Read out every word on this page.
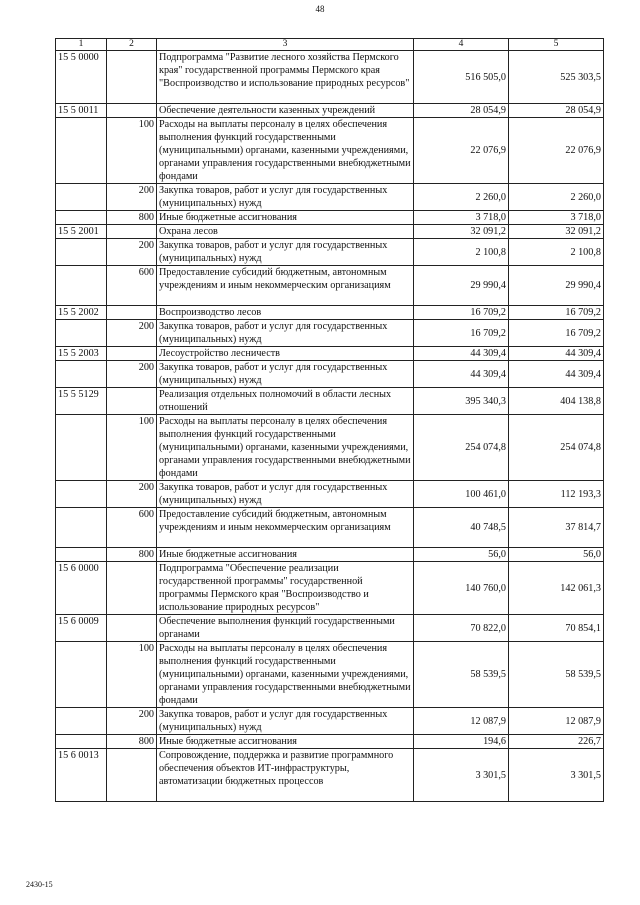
48
1	2	3	4	5
15 5 0000		Подпрограмма "Развитие лесного хозяйства Пермского края" государственной программы Пермского края "Воспроизводство и использование природных ресурсов"	516 505,0	525 303,5
15 5 0011		Обеспечение деятельности казенных учреждений	28 054,9	28 054,9
	100	Расходы на выплаты персоналу в целях обеспечения выполнения функций государственными (муниципальными) органами, казенными учреждениями, органами управления государственными внебюджетными фондами	22 076,9	22 076,9
	200	Закупка товаров, работ и услуг для государственных (муниципальных) нужд	2 260,0	2 260,0
	800	Иные бюджетные ассигнования	3 718,0	3 718,0
15 5 2001		Охрана лесов	32 091,2	32 091,2
	200	Закупка товаров, работ и услуг для государственных (муниципальных) нужд	2 100,8	2 100,8
	600	Предоставление субсидий бюджетным, автономным учреждениям и иным некоммерческим организациям	29 990,4	29 990,4
15 5 2002		Воспроизводство лесов	16 709,2	16 709,2
	200	Закупка товаров, работ и услуг для государственных (муниципальных) нужд	16 709,2	16 709,2
15 5 2003		Лесоустройство лесничеств	44 309,4	44 309,4
	200	Закупка товаров, работ и услуг для государственных (муниципальных) нужд	44 309,4	44 309,4
15 5 5129		Реализация отдельных полномочий в области лесных отношений	395 340,3	404 138,8
	100	Расходы на выплаты персоналу в целях обеспечения выполнения функций государственными (муниципальными) органами, казенными учреждениями, органами управления государственными внебюджетными фондами	254 074,8	254 074,8
	200	Закупка товаров, работ и услуг для государственных (муниципальных) нужд	100 461,0	112 193,3
	600	Предоставление субсидий бюджетным, автономным учреждениям и иным некоммерческим организациям	40 748,5	37 814,7
	800	Иные бюджетные ассигнования	56,0	56,0
15 6 0000		Подпрограмма "Обеспечение реализации государственной программы" государственной программы Пермского края "Воспроизводство и использование природных ресурсов"	140 760,0	142 061,3
15 6 0009		Обеспечение выполнения функций государственными органами	70 822,0	70 854,1
	100	Расходы на выплаты персоналу в целях обеспечения выполнения функций государственными (муниципальными) органами, казенными учреждениями, органами управления государственными внебюджетными фондами	58 539,5	58 539,5
	200	Закупка товаров, работ и услуг для государственных (муниципальных) нужд	12 087,9	12 087,9
	800	Иные бюджетные ассигнования	194,6	226,7
15 6 0013		Сопровождение, поддержка и развитие программного обеспечения объектов ИТ-инфраструктуры, автоматизации бюджетных процессов	3 301,5	3 301,5
2430-15
